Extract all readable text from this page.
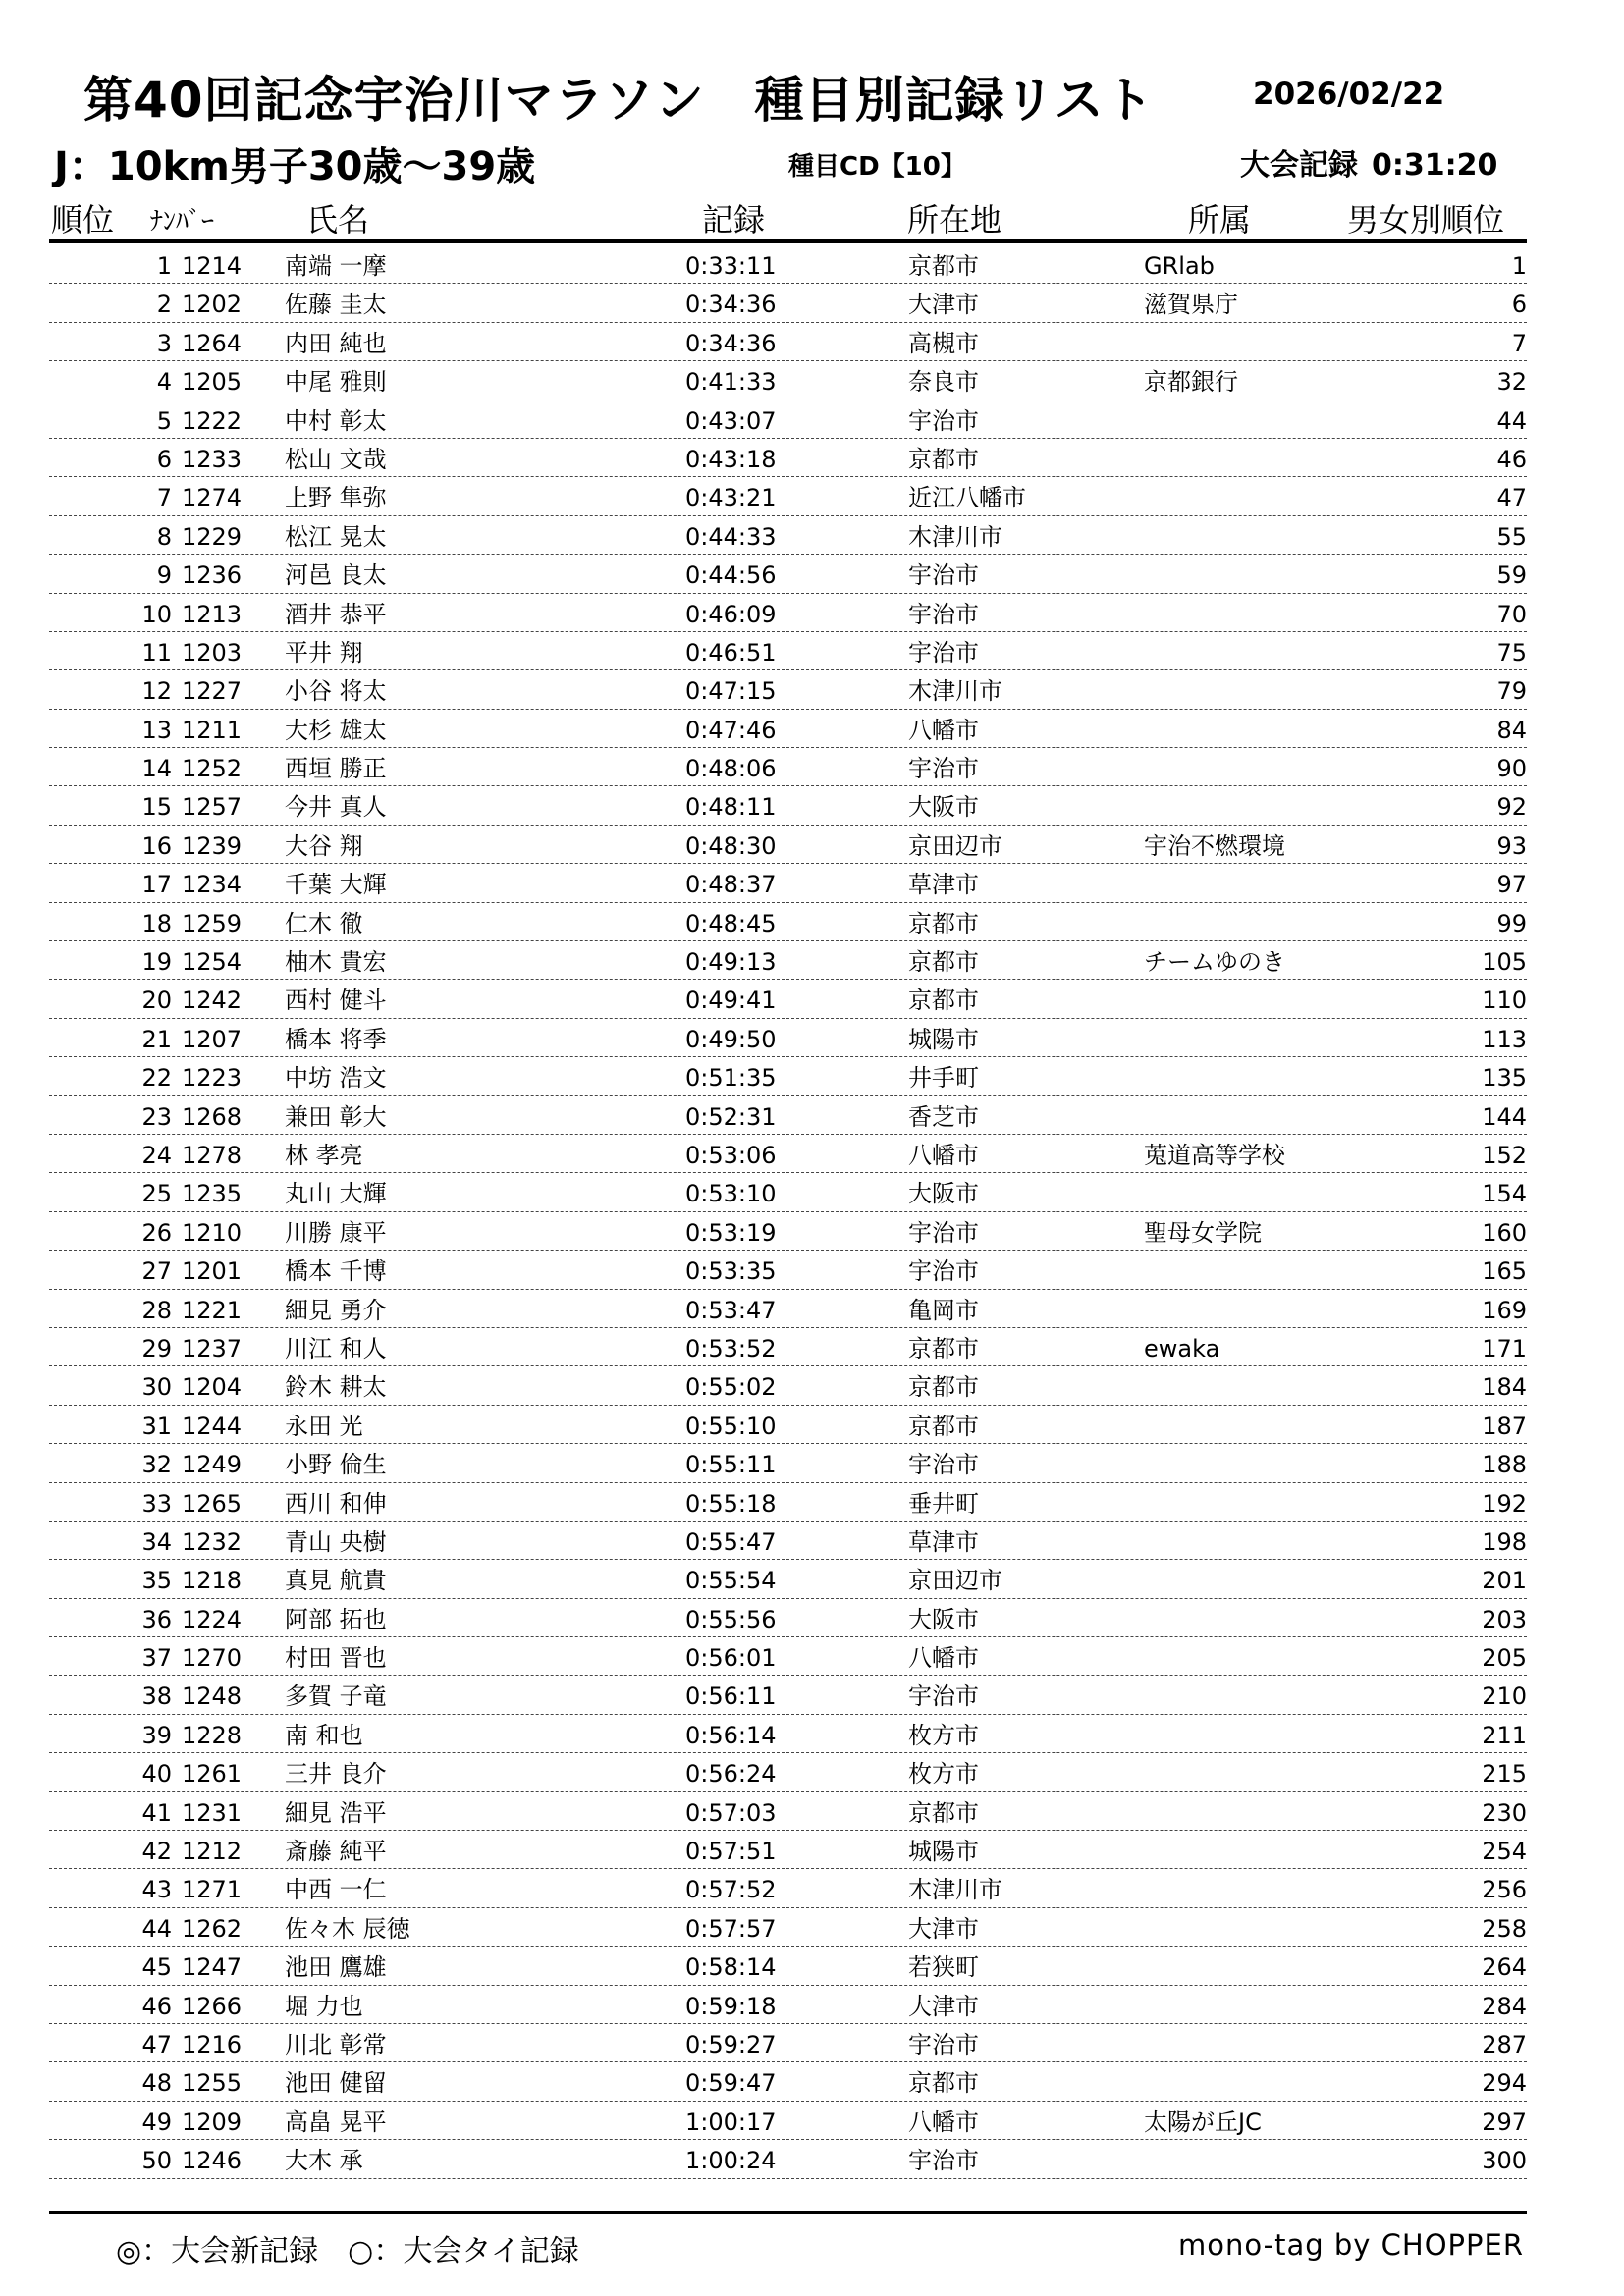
第40回記念宇治川マラソン　種目別記録リスト	2026/02/22
J：10km男子30歳～39歳	種目CD【10】	大会記録 0:31:20
順位 ﾅﾝﾊﾞｰ	氏名	記録	所在地	所属	男女別順位
1 1214 南端 一摩	0:33:11	京都市	GRlab	1
2 1202 佐藤 圭太	0:34:36	大津市	滋賀県庁	6
3 1264 内田 純也	0:34:36	高槻市	7
4 1205 中尾 雅則	0:41:33	奈良市	京都銀行	32
5 1222 中村 彰太	0:43:07	宇治市	44
6 1233 松山 文哉	0:43:18	京都市	46
7 1274 上野 隼弥	0:43:21	近江八幡市	47
8 1229 松江 晃太	0:44:33	木津川市	55
9 1236 河邑 良太	0:44:56	宇治市	59
10 1213 酒井 恭平	0:46:09	宇治市	70
11 1203 平井 翔	0:46:51	宇治市	75
12 1227 小谷 将太	0:47:15	木津川市	79
13 1211 大杉 雄太	0:47:46	八幡市	84
14 1252 西垣 勝正	0:48:06	宇治市	90
15 1257 今井 真人	0:48:11	大阪市	92
16 1239 大谷 翔	0:48:30	京田辺市	宇治不燃環境	93
17 1234 千葉 大輝	0:48:37	草津市	97
18 1259 仁木 徹	0:48:45	京都市	99
19 1254 柚木 貴宏	0:49:13	京都市	チームゆのき	105
20 1242 西村 健斗	0:49:41	京都市	110
21 1207 橋本 将季	0:49:50	城陽市	113
22 1223 中坊 浩文	0:51:35	井手町	135
23 1268 兼田 彰大	0:52:31	香芝市	144
24 1278 林 孝亮	0:53:06	八幡市	莵道高等学校	152
25 1235 丸山 大輝	0:53:10	大阪市	154
26 1210 川勝 康平	0:53:19	宇治市	聖母女学院	160
27 1201 橋本 千博	0:53:35	宇治市	165
28 1221 細見 勇介	0:53:47	亀岡市	169
29 1237 川江 和人	0:53:52	京都市	ewaka	171
30 1204 鈴木 耕太	0:55:02	京都市	184
31 1244 永田 光	0:55:10	京都市	187
32 1249 小野 倫生	0:55:11	宇治市	188
33 1265 西川 和伸	0:55:18	垂井町	192
34 1232 青山 央樹	0:55:47	草津市	198
35 1218 真見 航貴	0:55:54	京田辺市	201
36 1224 阿部 拓也	0:55:56	大阪市	203
37 1270 村田 晋也	0:56:01	八幡市	205
38 1248 多賀 子竜	0:56:11	宇治市	210
39 1228 南 和也	0:56:14	枚方市	211
40 1261 三井 良介	0:56:24	枚方市	215
41 1231 細見 浩平	0:57:03	京都市	230
42 1212 斎藤 純平	0:57:51	城陽市	254
43 1271 中西 一仁	0:57:52	木津川市	256
44 1262 佐々木 辰徳	0:57:57	大津市	258
45 1247 池田 鷹雄	0:58:14	若狭町	264
46 1266 堀 力也	0:59:18	大津市	284
47 1216 川北 彰常	0:59:27	宇治市	287
48 1255 池田 健留	0:59:47	京都市	294
49 1209 高畠 晃平	1:00:17	八幡市	太陽が丘JC	297
50 1246 大木 承	1:00:24	宇治市	300
◎：大会新記録　○：大会タイ記録	mono-tag by CHOPPER
